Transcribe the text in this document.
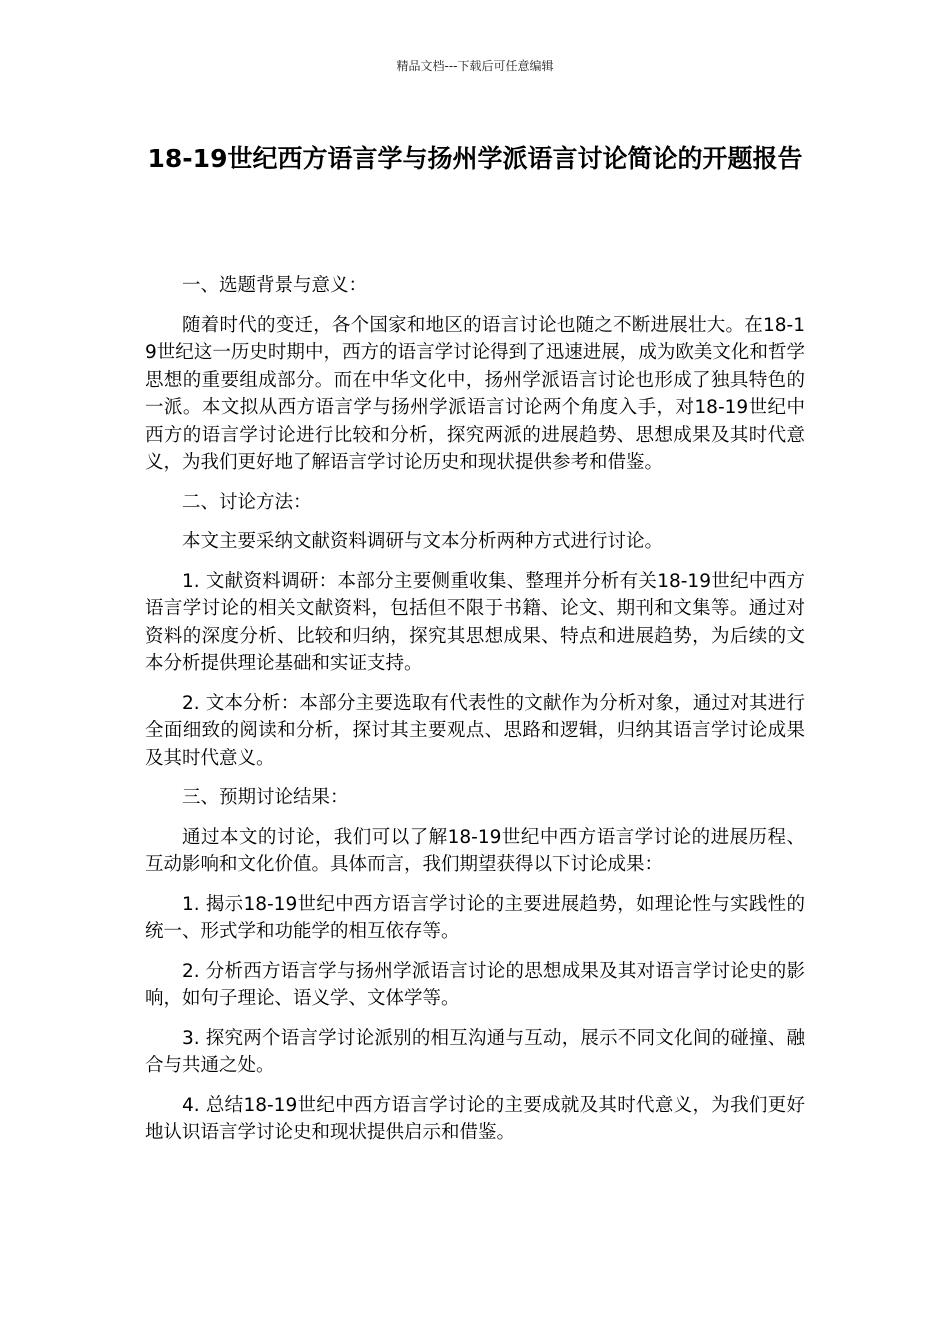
精品文档---下载后可任意编辑
18-19世纪西方语言学与扬州学派语言讨论简论的开题报告

一、选题背景与意义：

随着时代的变迁，各个国家和地区的语言讨论也随之不断进展壮大。在18-19世纪这一历史时期中，西方的语言学讨论得到了迅速进展，成为欧美文化和哲学思想的重要组成部分。而在中华文化中，扬州学派语言讨论也形成了独具特色的一派。本文拟从西方语言学与扬州学派语言讨论两个角度入手，对18-19世纪中西方的语言学讨论进行比较和分析，探究两派的进展趋势、思想成果及其时代意义，为我们更好地了解语言学讨论历史和现状提供参考和借鉴。

二、讨论方法：

本文主要采纳文献资料调研与文本分析两种方式进行讨论。

1. 文献资料调研：本部分主要侧重收集、整理并分析有关18-19世纪中西方语言学讨论的相关文献资料，包括但不限于书籍、论文、期刊和文集等。通过对资料的深度分析、比较和归纳，探究其思想成果、特点和进展趋势，为后续的文本分析提供理论基础和实证支持。

2. 文本分析：本部分主要选取有代表性的文献作为分析对象，通过对其进行全面细致的阅读和分析，探讨其主要观点、思路和逻辑，归纳其语言学讨论成果及其时代意义。

三、预期讨论结果：

通过本文的讨论，我们可以了解18-19世纪中西方语言学讨论的进展历程、互动影响和文化价值。具体而言，我们期望获得以下讨论成果：

1. 揭示18-19世纪中西方语言学讨论的主要进展趋势，如理论性与实践性的统一、形式学和功能学的相互依存等。

2. 分析西方语言学与扬州学派语言讨论的思想成果及其对语言学讨论史的影响，如句子理论、语义学、文体学等。

3. 探究两个语言学讨论派别的相互沟通与互动，展示不同文化间的碰撞、融合与共通之处。

4. 总结18-19世纪中西方语言学讨论的主要成就及其时代意义，为我们更好地认识语言学讨论史和现状提供启示和借鉴。
